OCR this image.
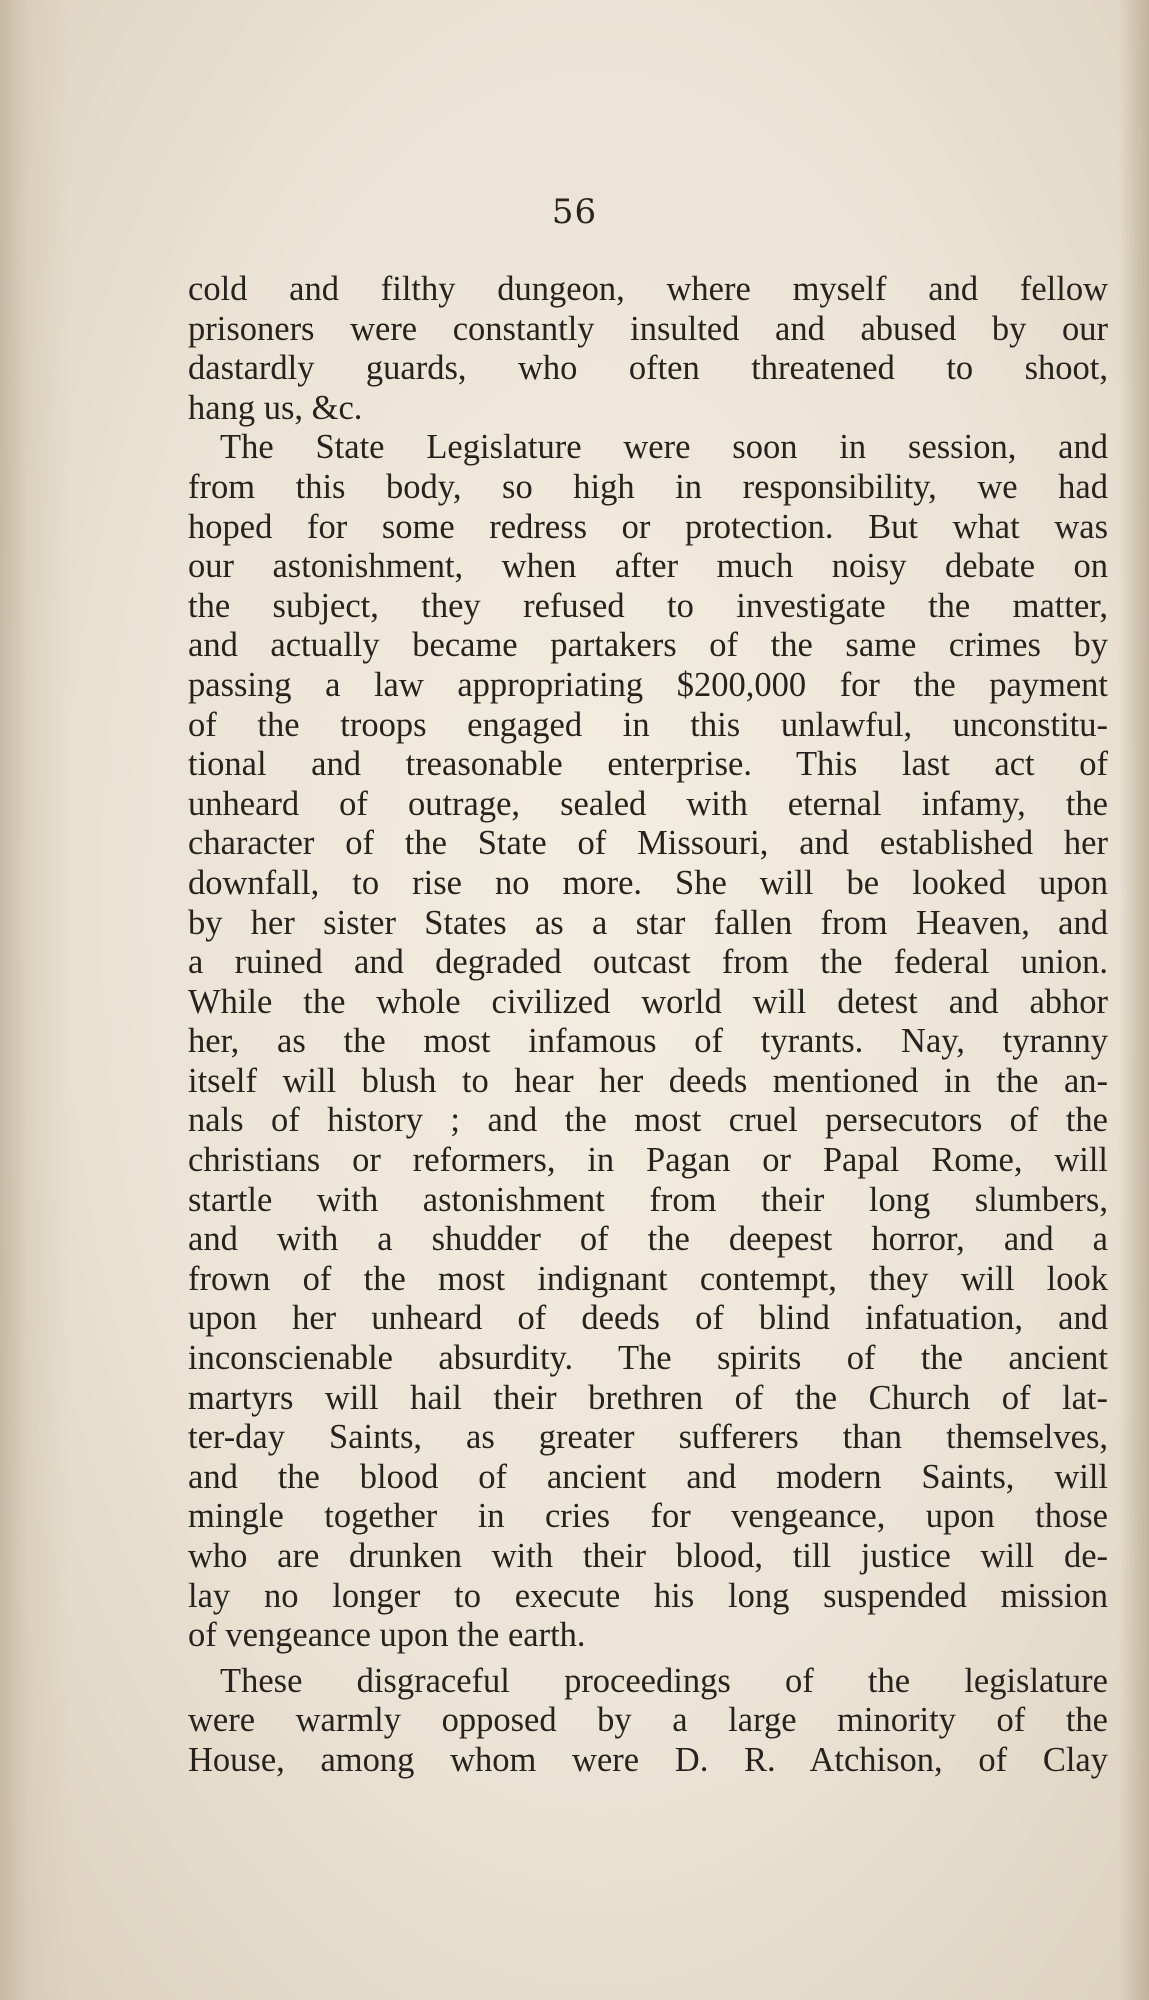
56

cold and filthy dungeon, where myself and fellow
prisoners were constantly insulted and abused by our
dastardly guards, who often threatened to shoot,
hang us, &c.

The State Legislature were soon in session, and
from this body, so high in responsibility, we had
hoped for some redress or protection. But what was
our astonishment, when after much noisy debate on
the subject, they refused to investigate the matter,
and actually became partakers of the same crimes by
passing a law appropriating $200,000 for the payment
of the troops engaged in this unlawful, unconstitu-
tional and treasonable enterprise. This last act of
unheard of outrage, sealed with eternal infamy, the
character of the State of Missouri, and established her
downfall, to rise no more. She will be looked upon
by her sister States as a star fallen from Heaven, and
a ruined and degraded outcast from the federal union.
While the whole civilized world will detest and abhor
her, as the most infamous of tyrants. Nay, tyranny
itself will blush to hear her deeds mentioned in the an-
nals of history ; and the most cruel persecutors of the
christians or reformers, in Pagan or Papal Rome, will
startle with astonishment from their long slumbers,
and with a shudder of the deepest horror, and a
frown of the most indignant contempt, they will look
upon her unheard of deeds of blind infatuation, and
inconscienable absurdity. The spirits of the ancient
martyrs will hail their brethren of the Church of lat-
ter-day Saints, as greater sufferers than themselves,
and the blood of ancient and modern Saints, will
mingle together in cries for vengeance, upon those
who are drunken with their blood, till justice will de-
lay no longer to execute his long suspended mission
of vengeance upon the earth.

These disgraceful proceedings of the legislature
were warmly opposed by a large minority of the
House, among whom were D. R. Atchison, of Clay
